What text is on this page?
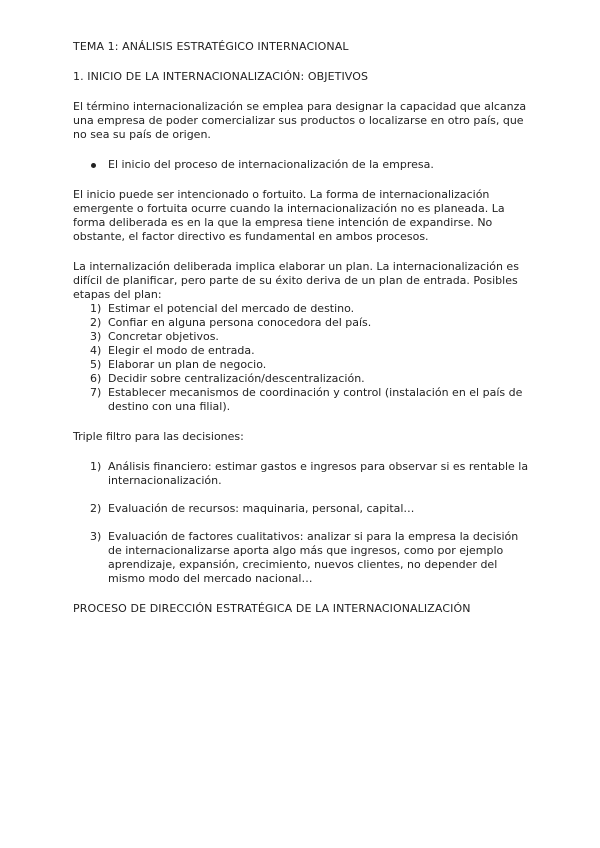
TEMA 1: ANÁLISIS ESTRATÉGICO INTERNACIONAL
1. INICIO DE LA INTERNACIONALIZACIÓN: OBJETIVOS

El término internacionalización se emplea para designar la capacidad que alcanza una empresa de poder comercializar sus productos o localizarse en otro país, que no sea su país de origen.

El inicio del proceso de internacionalización de la empresa.

El inicio puede ser intencionado o fortuito. La forma de internacionalización emergente o fortuita ocurre cuando la internacionalización no es planeada. La forma deliberada es en la que la empresa tiene intención de expandirse. No obstante, el factor directivo es fundamental en ambos procesos.

La internalización deliberada implica elaborar un plan. La internacionalización es difícil de planificar, pero parte de su éxito deriva de un plan de entrada. Posibles etapas del plan:

1) Estimar el potencial del mercado de destino.
2) Confiar en alguna persona conocedora del país.
3) Concretar objetivos.
4) Elegir el modo de entrada.
5) Elaborar un plan de negocio.
6) Decidir sobre centralización/descentralización.
7) Establecer mecanismos de coordinación y control (instalación en el país de destino con una filial).

Triple filtro para las decisiones:

1) Análisis financiero: estimar gastos e ingresos para observar si es rentable la internacionalización.
2) Evaluación de recursos: maquinaria, personal, capital…
3) Evaluación de factores cualitativos: analizar si para la empresa la decisión de internacionalizarse aporta algo más que ingresos, como por ejemplo aprendizaje, expansión, crecimiento, nuevos clientes, no depender del mismo modo del mercado nacional…
PROCESO DE DIRECCIÓN ESTRATÉGICA DE LA INTERNACIONALIZACIÓN
